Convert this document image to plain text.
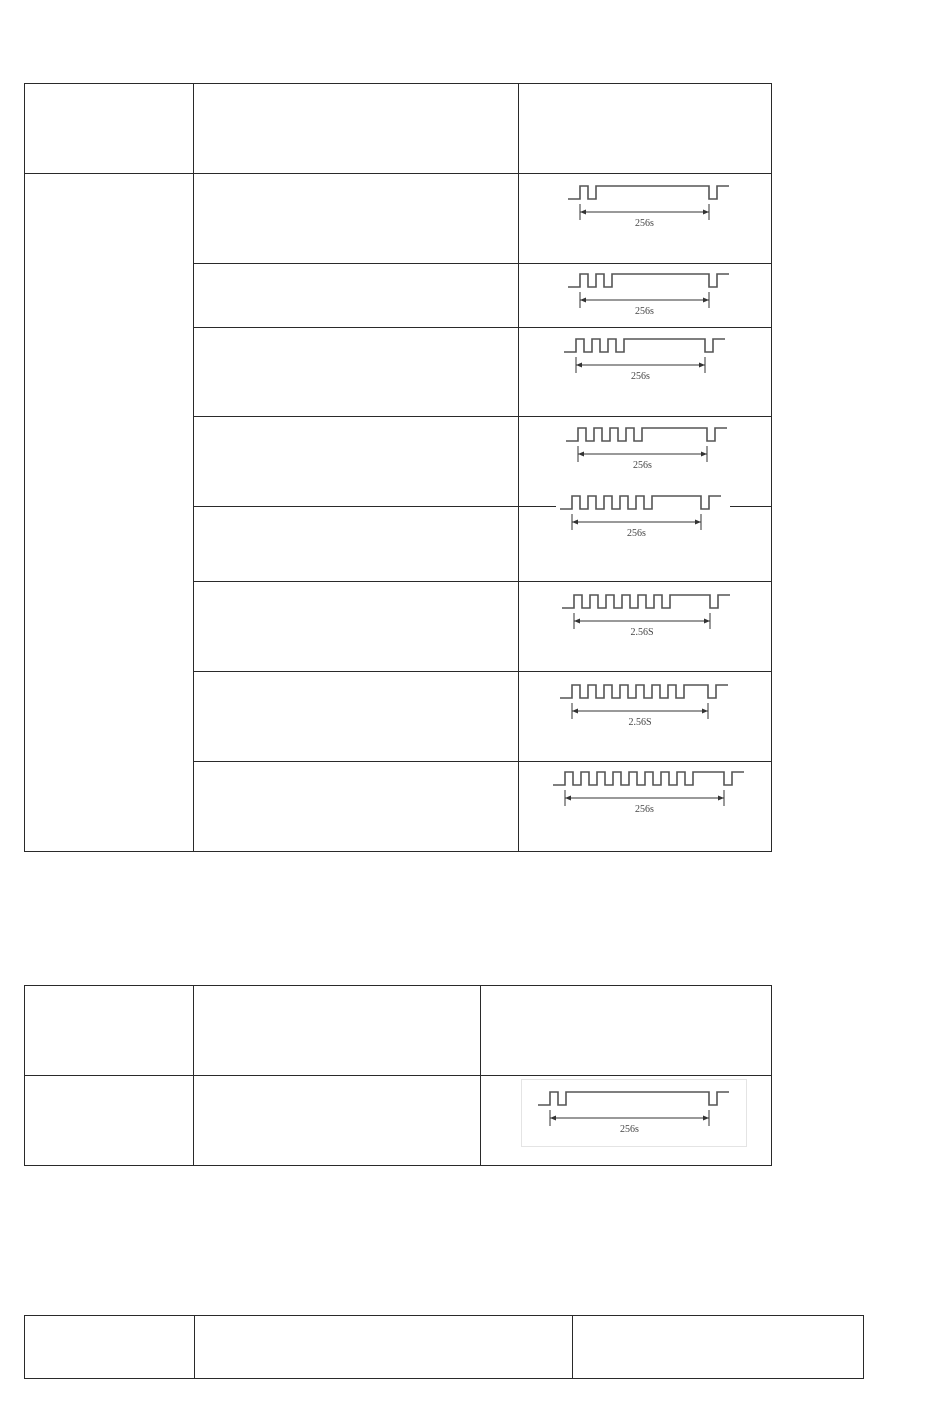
256s
256s
256s
256s
256s
2.56S
2.56S
256s
256s
